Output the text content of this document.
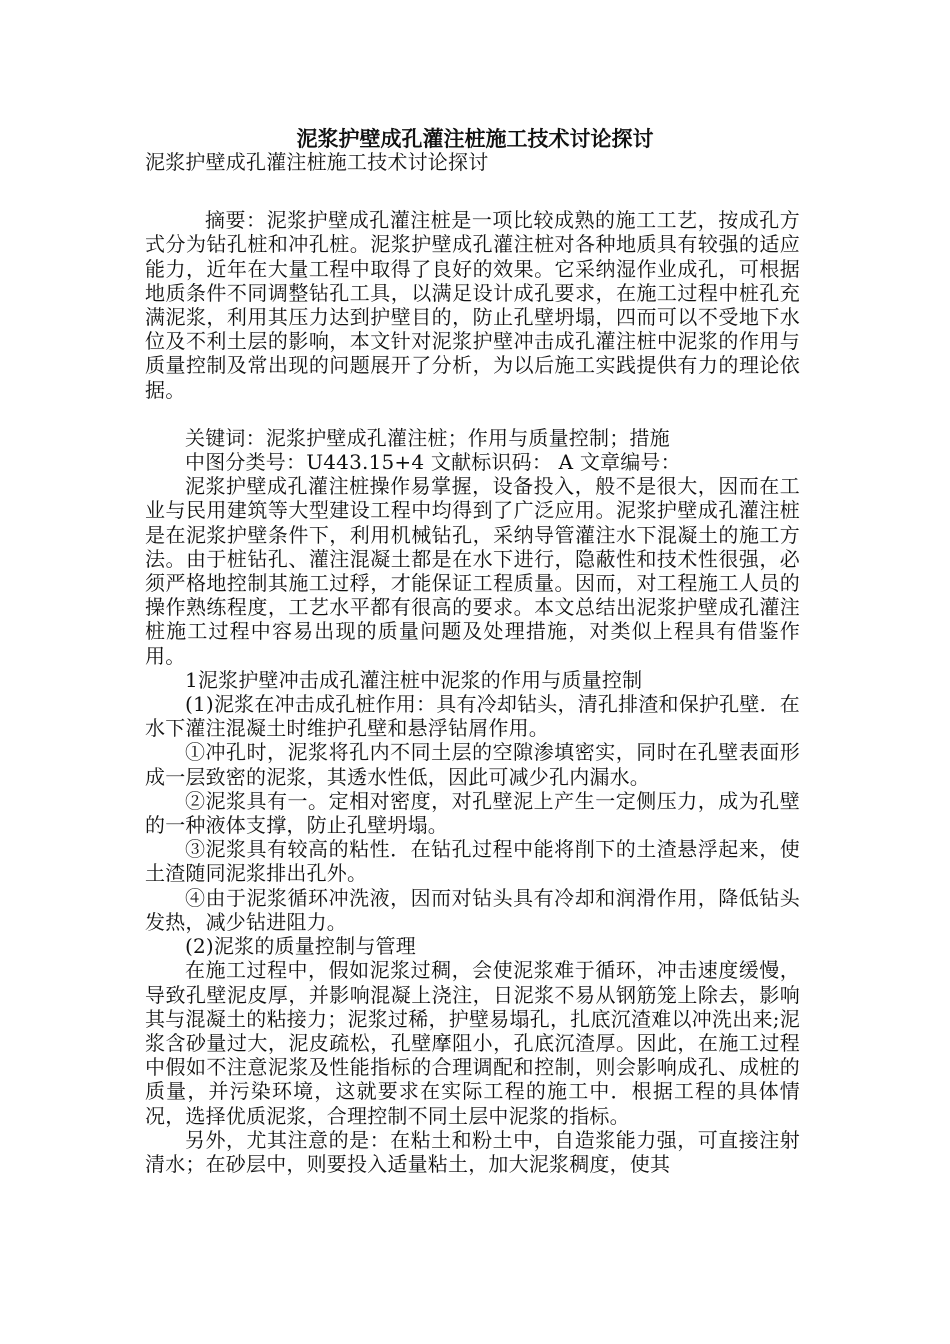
泥浆护壁成孔灌注桩施工技术讨论探讨

泥浆护壁成孔灌注桩施工技术讨论探讨

摘要：泥浆护壁成孔灌注桩是一项比较成熟的施工工艺，按成孔方式分为钻孔桩和冲孔桩。泥浆护壁成孔灌注桩对各种地质具有较强的适应能力，近年在大量工程中取得了良好的效果。它采纳湿作业成孔，可根据地质条件不同调整钻孔工具，以满足设计成孔要求，在施工过程中桩孔充满泥浆，利用其压力达到护壁目的，防止孔壁坍塌，四而可以不受地下水位及不利土层的影响，本文针对泥浆护壁冲击成孔灌注桩中泥浆的作用与质量控制及常出现的问题展开了分析，为以后施工实践提供有力的理论依据。

关键词：泥浆护壁成孔灌注桩；作用与质量控制；措施

中图分类号：U443.15+4 文献标识码： A 文章编号：

泥浆护壁成孔灌注桩操作易掌握，设备投入，般不是很大，因而在工业与民用建筑等大型建设工程中均得到了广泛应用。泥浆护壁成孔灌注桩是在泥浆护壁条件下，利用机械钻孔，采纳导管灌注水下混凝土的施工方法。由于桩钻孔、灌注混凝土都是在水下进行，隐蔽性和技术性很强，必须严格地控制其施工过稃，才能保证工程质量。因而，对工程施工人员的操作熟练程度，工艺水平都有很高的要求。本文总结出泥浆护壁成孔灌注桩施工过程中容易出现的质量问题及处理措施，对类似上程具有借鉴作用。

1泥浆护壁冲击成孔灌注桩中泥浆的作用与质量控制

(1)泥浆在冲击成孔桩作用：具有冷却钻头，清孔排渣和保护孔壁．在水下灌注混凝土时维护孔壁和悬浮钻屑作用。

①冲孔时，泥浆将孔内不同土层的空隙渗填密实，同时在孔壁表面形成一层致密的泥浆，其透水性低，因此可减少孔内漏水。

②泥浆具有一。定相对密度，对孔壁泥上产生一定侧压力，成为孔壁的一种液体支撑，防止孔壁坍塌。

③泥浆具有较高的粘性．在钻孔过程中能将削下的土渣悬浮起来，使土渣随同泥浆排出孔外。

④由于泥浆循环冲洗液，因而对钻头具有冷却和润滑作用，降低钻头发热，减少钻进阻力。

(2)泥浆的质量控制与管理

在施工过程中，假如泥浆过稠，会使泥浆难于循环，冲击速度缓慢，导致孔壁泥皮厚，并影响混凝上浇注，日泥浆不易从钢筋笼上除去，影响其与混凝土的粘接力；泥浆过稀，护壁易塌孔，扎底沉渣难以冲洗出来;泥浆含砂量过大，泥皮疏松，孔壁摩阻小，孔底沉渣厚。因此，在施工过程中假如不注意泥浆及性能指标的合理调配和控制，则会影响成孔、成桩的质量，并污染环境，这就要求在实际工程的施工中．根据工程的具体情况，选择优质泥浆，合理控制不同土层中泥浆的指标。

另外，尤其注意的是：在粘土和粉土中，自造浆能力强，可直接注射清水；在砂层中，则要投入适量粘土，加大泥浆稠度，使其
